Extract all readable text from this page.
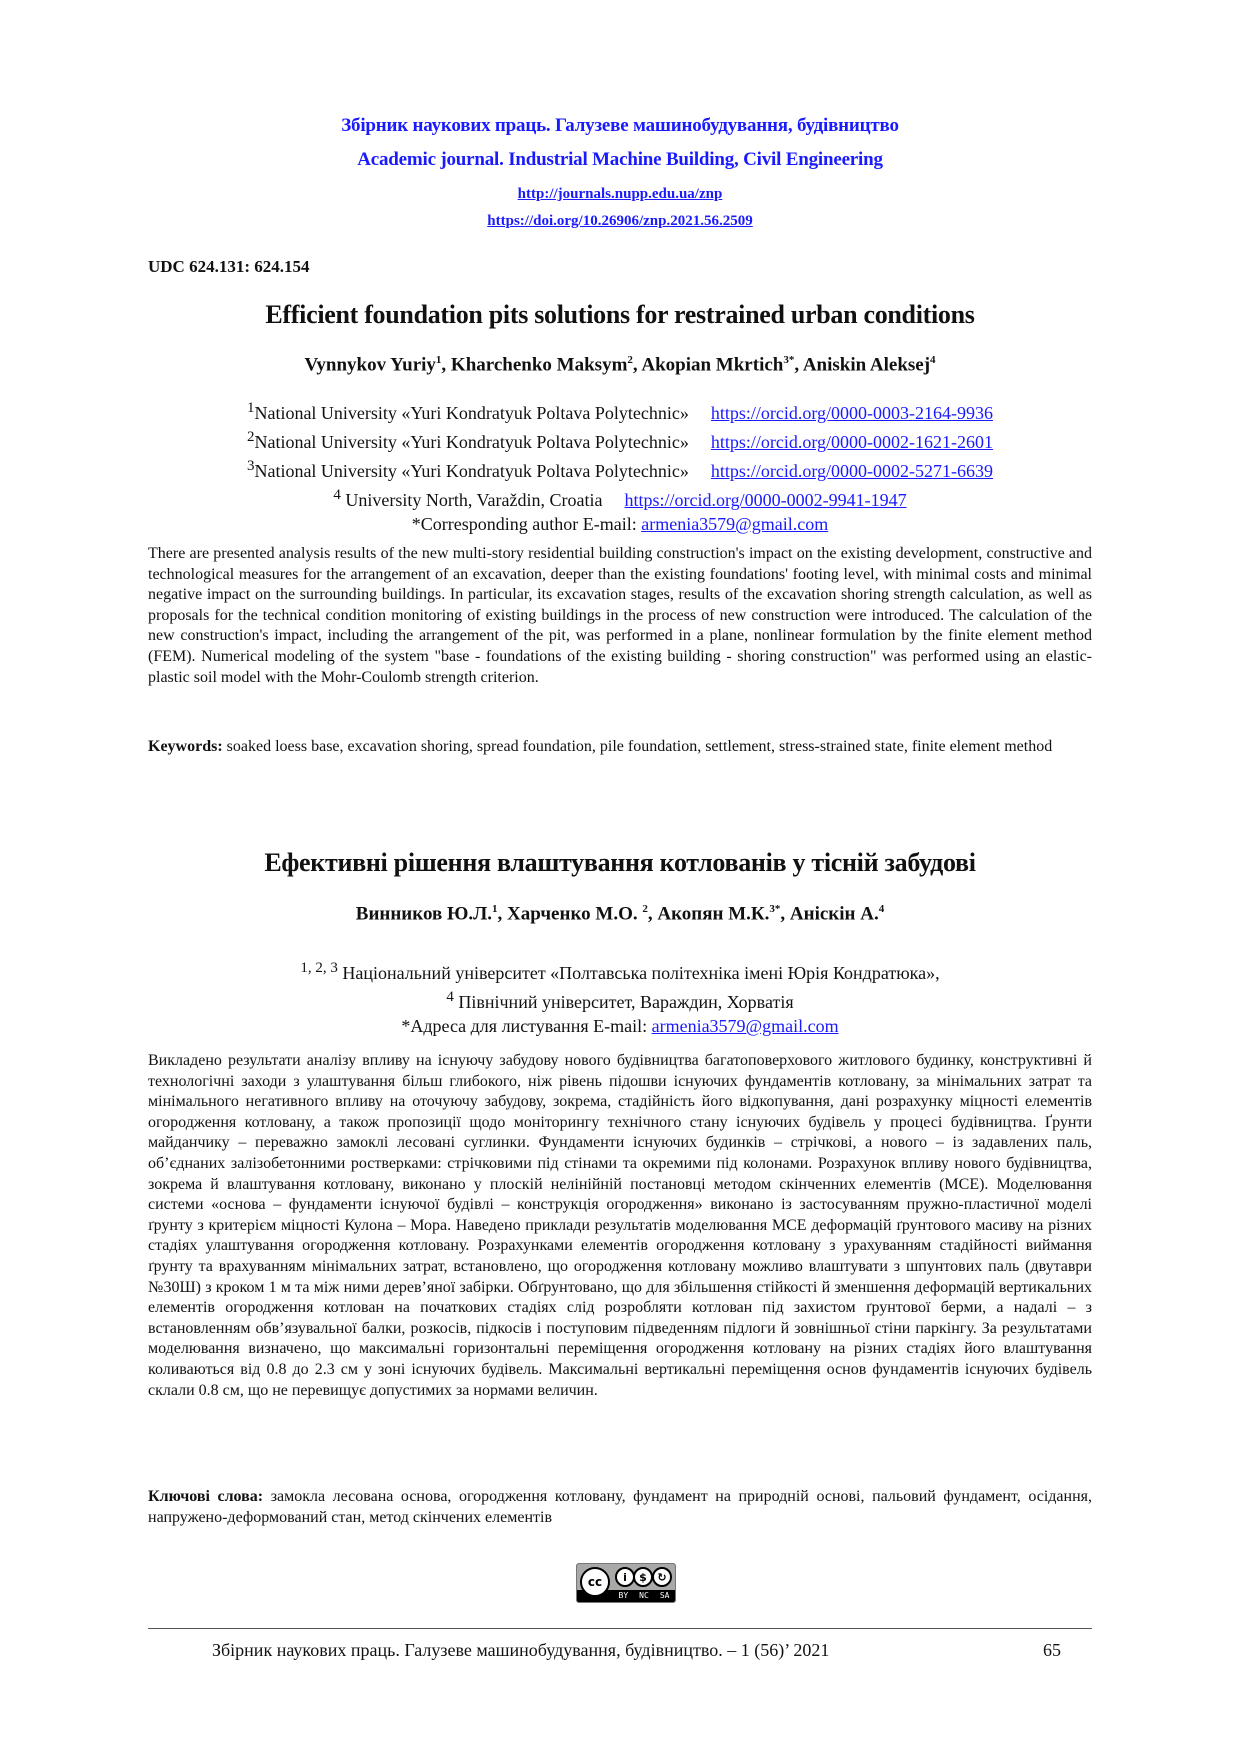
Збірник наукових праць. Галузеве машинобудування, будівництво
Academic journal. Industrial Machine Building, Civil Engineering
http://journals.nupp.edu.ua/znp
https://doi.org/10.26906/znp.2021.56.2509
UDC 624.131: 624.154
Efficient foundation pits solutions for restrained urban conditions
Vynnykov Yuriy$^1$, Kharchenko Maksym$^2$, Akopian Mkrtich$^{3*}$, Aniskin Aleksej$^4$
$^1$National University «Yuri Kondratyuk Poltava Polytechnic» https://orcid.org/0000-0003-2164-9936
$^2$National University «Yuri Kondratyuk Poltava Polytechnic» https://orcid.org/0000-0002-1621-2601
$^3$National University «Yuri Kondratyuk Poltava Polytechnic» https://orcid.org/0000-0002-5271-6639
$^4$ University North, Varaždin, Croatia https://orcid.org/0000-0002-9941-1947
*Corresponding author E-mail: armenia3579@gmail.com

There are presented analysis results of the new multi-story residential building construction's impact on the existing development, constructive and technological measures for the arrangement of an excavation, deeper than the existing foundations' footing level, with minimal costs and minimal negative impact on the surrounding buildings. In particular, its excavation stages, results of the excavation shoring strength calculation, as well as proposals for the technical condition monitoring of existing buildings in the process of new construction were introduced. The calculation of the new construction's impact, including the arrangement of the pit, was performed in a plane, nonlinear formulation by the finite element method (FEM). Numerical modeling of the system "base - foundations of the existing building - shoring construction" was performed using an elastic-plastic soil model with the Mohr-Coulomb strength criterion.

Keywords: soaked loess base, excavation shoring, spread foundation, pile foundation, settlement, stress-strained state, finite element method

Ефективні рішення влаштування котлованів у тісній забудові
Винников Ю.Л.$^1$, Харченко М.О. $^2$, Акопян М.К.$^{3*}$, Аніскін А.$^4$
$^{1, 2, 3}$ Національний університет «Полтавська політехніка імені Юрія Кондратюка»,
$^4$ Північний університет, Вараждин, Хорватія
*Адреса для листування E-mail: armenia3579@gmail.com

Викладено результати аналізу впливу на існуючу забудову нового будівництва багатоповерхового житлового будинку, конструктивні й технологічні заходи з улаштування більш глибокого, ніж рівень підошви існуючих фундаментів котловану, за мінімальних затрат та мінімального негативного впливу на оточуючу забудову, зокрема, стадійність його відкопування, дані розрахунку міцності елементів огородження котловану, а також пропозиції щодо моніторингу технічного стану існуючих будівель у процесі будівництва. Ґрунти майданчику – переважно замоклі лесовані суглинки. Фундаменти існуючих будинків – стрічкові, а нового – із задавлених паль, об’єднаних залізобетонними ростверками: стрічковими під стінами та окремими під колонами. Розрахунок впливу нового будівництва, зокрема й влаштування котловану, виконано у плоскій нелінійній постановці методом скінченних елементів (МСЕ). Моделювання системи «основа – фундаменти існуючої будівлі – конструкція огородження» виконано із застосуванням пружно-пластичної моделі ґрунту з критерієм міцності Кулона – Мора. Наведено приклади результатів моделювання МСЕ деформацій ґрунтового масиву на різних стадіях улаштування огородження котловану. Розрахунками елементів огородження котловану з урахуванням стадійності виймання ґрунту та врахуванням мінімальних затрат, встановлено, що огородження котловану можливо влаштувати з шпунтових паль (двутаври №30Ш) з кроком 1 м та між ними дерев’яної забірки. Обґрунтовано, що для збільшення стійкості й зменшення деформацій вертикальних елементів огородження котлован на початкових стадіях слід розробляти котлован під захистом ґрунтової берми, а надалі – з встановленням обв’язувальної балки, розкосів, підкосів і поступовим підведенням підлоги й зовнішньої стіни паркінгу. За результатами моделювання визначено, що максимальні горизонтальні переміщення огородження котловану на різних стадіях його влаштування коливаються від 0.8 до 2.3 см у зоні існуючих будівель. Максимальні вертикальні переміщення основ фундаментів існуючих будівель склали 0.8 см, що не перевищує допустимих за нормами величин.

Ключові слова: замокла лесована основа, огородження котловану, фундамент на природній основі, пальовий фундамент, осідання, напружено-деформований стан, метод скінчених елементів

cc	i	$ ↻
BY NC SA
Збірник наукових праць. Галузеве машинобудування, будівництво. – 1 (56)’ 2021	65
